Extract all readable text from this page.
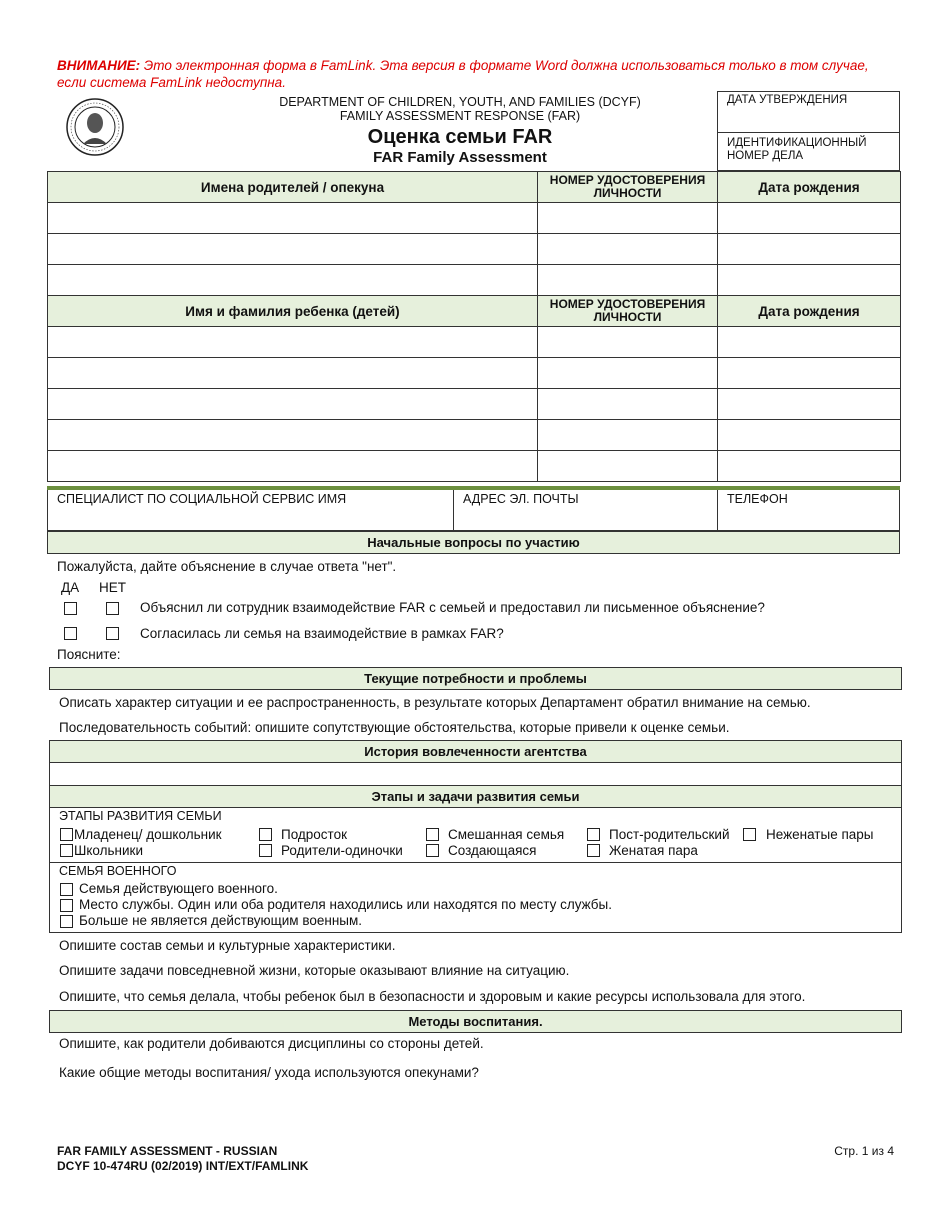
ВНИМАНИЕ: Это электронная форма в FamLink. Эта версия в формате Word должна использоваться только в том случае, если система FamLink недоступна.
DEPARTMENT OF CHILDREN, YOUTH, AND FAMILIES (DCYF)
FAMILY ASSESSMENT RESPONSE (FAR)
Оценка семьи FAR
FAR Family Assessment
ДАТА УТВЕРЖДЕНИЯ
ИДЕНТИФИКАЦИОННЫЙ НОМЕР ДЕЛА
Имена родителей / опекуна	НОМЕР УДОСТОВЕРЕНИЯ ЛИЧНОСТИ	Дата рождения

Имя и фамилия ребенка (детей)	НОМЕР УДОСТОВЕРЕНИЯ ЛИЧНОСТИ	Дата рождения

СПЕЦИАЛИСТ ПО СОЦИАЛЬНОЙ СЕРВИС ИМЯ	АДРЕС ЭЛ. ПОЧТЫ	ТЕЛЕФОН
Начальные вопросы по участию
Пожалуйста, дайте объяснение в случае ответа "нет".
ДА НЕТ
Объяснил ли сотрудник взаимодействие FAR с семьей и предоставил ли письменное объяснение?
Согласилась ли семья на взаимодействие в рамках FAR?
Поясните:
Текущие потребности и проблемы
Описать характер ситуации и ее распространенность, в результате которых Департамент обратил внимание на семью.
Последовательность событий: опишите сопутствующие обстоятельства, которые привели к оценке семьи.
История вовлеченности агентства
Этапы и задачи развития семьи
ЭТАПЫ РАЗВИТИЯ СЕМЬИ
Младенец/ дошкольник
Школьники
Подросток
Родители-одиночки
Смешанная семья
Создающаяся
Пост-родительский
Женатая пара
Неженатые пары
СЕМЬЯ ВОЕННОГО
Семья действующего военного.
Место службы. Один или оба родителя находились или находятся по месту службы.
Больше не является действующим военным.
Опишите состав семьи и культурные характеристики.
Опишите задачи повседневной жизни, которые оказывают влияние на ситуацию.
Опишите, что семья делала, чтобы ребенок был в безопасности и здоровым и какие ресурсы использовала для этого.
Методы воспитания.
Опишите, как родители добиваются дисциплины со стороны детей.
Какие общие методы воспитания/ ухода используются опекунами?
FAR FAMILY ASSESSMENT - RUSSIAN
DCYF 10-474RU (02/2019) INT/EXT/FAMLINK
Стр. 1 из 4
